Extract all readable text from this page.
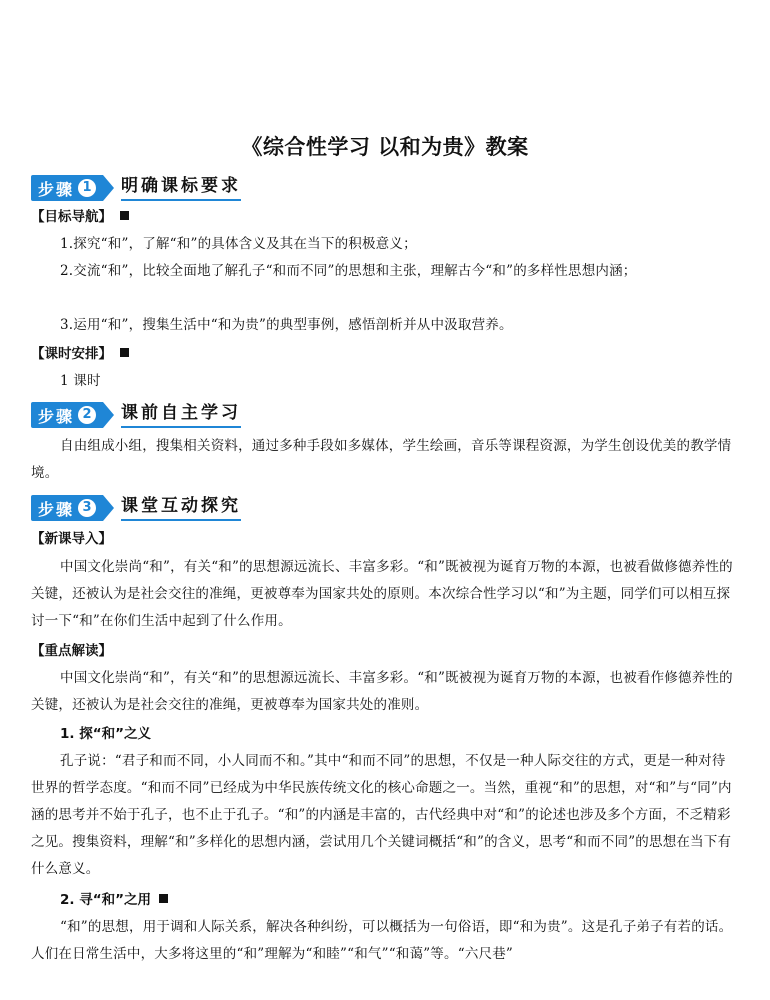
《综合性学习 以和为贵》教案
步骤 1 明确课标要求
【目标导航】

1.探究“和”，了解“和”的具体含义及其在当下的积极意义；

2.交流“和”，比较全面地了解孔子“和而不同”的思想和主张，理解古今“和”的多样性思想内涵；

3.运用“和”，搜集生活中“和为贵”的典型事例，感悟剖析并从中汲取营养。

【课时安排】

1 课时

步骤 2 课前自主学习

自由组成小组，搜集相关资料，通过多种手段如多媒体，学生绘画，音乐等课程资源，为学生创设优美的教学情境。

步骤 3 课堂互动探究
【新课导入】

中国文化崇尚“和”，有关“和”的思想源远流长、丰富多彩。“和”既被视为诞育万物的本源，也被看做修德养性的关键，还被认为是社会交往的准绳，更被尊奉为国家共处的原则。本次综合性学习以“和”为主题，同学们可以相互探讨一下“和”在你们生活中起到了什么作用。

【重点解读】

中国文化崇尚“和”，有关“和”的思想源远流长、丰富多彩。“和”既被视为诞育万物的本源，也被看作修德养性的关键，还被认为是社会交往的准绳，更被尊奉为国家共处的准则。

1. 探“和”之义

孔子说：“君子和而不同，小人同而不和。”其中“和而不同”的思想，不仅是一种人际交往的方式，更是一种对待世界的哲学态度。“和而不同”已经成为中华民族传统文化的核心命题之一。当然，重视“和”的思想，对“和”与“同”内涵的思考并不始于孔子，也不止于孔子。“和”的内涵是丰富的，古代经典中对“和”的论述也涉及多个方面，不乏精彩之见。搜集资料，理解“和”多样化的思想内涵，尝试用几个关键词概括“和”的含义，思考“和而不同”的思想在当下有什么意义。

2. 寻“和”之用

“和”的思想，用于调和人际关系，解决各种纠纷，可以概括为一句俗语，即“和为贵”。这是孔子弟子有若的话。人们在日常生活中，大多将这里的“和”理解为“和睦”“和气”“和蔼”等。“六尺巷”
